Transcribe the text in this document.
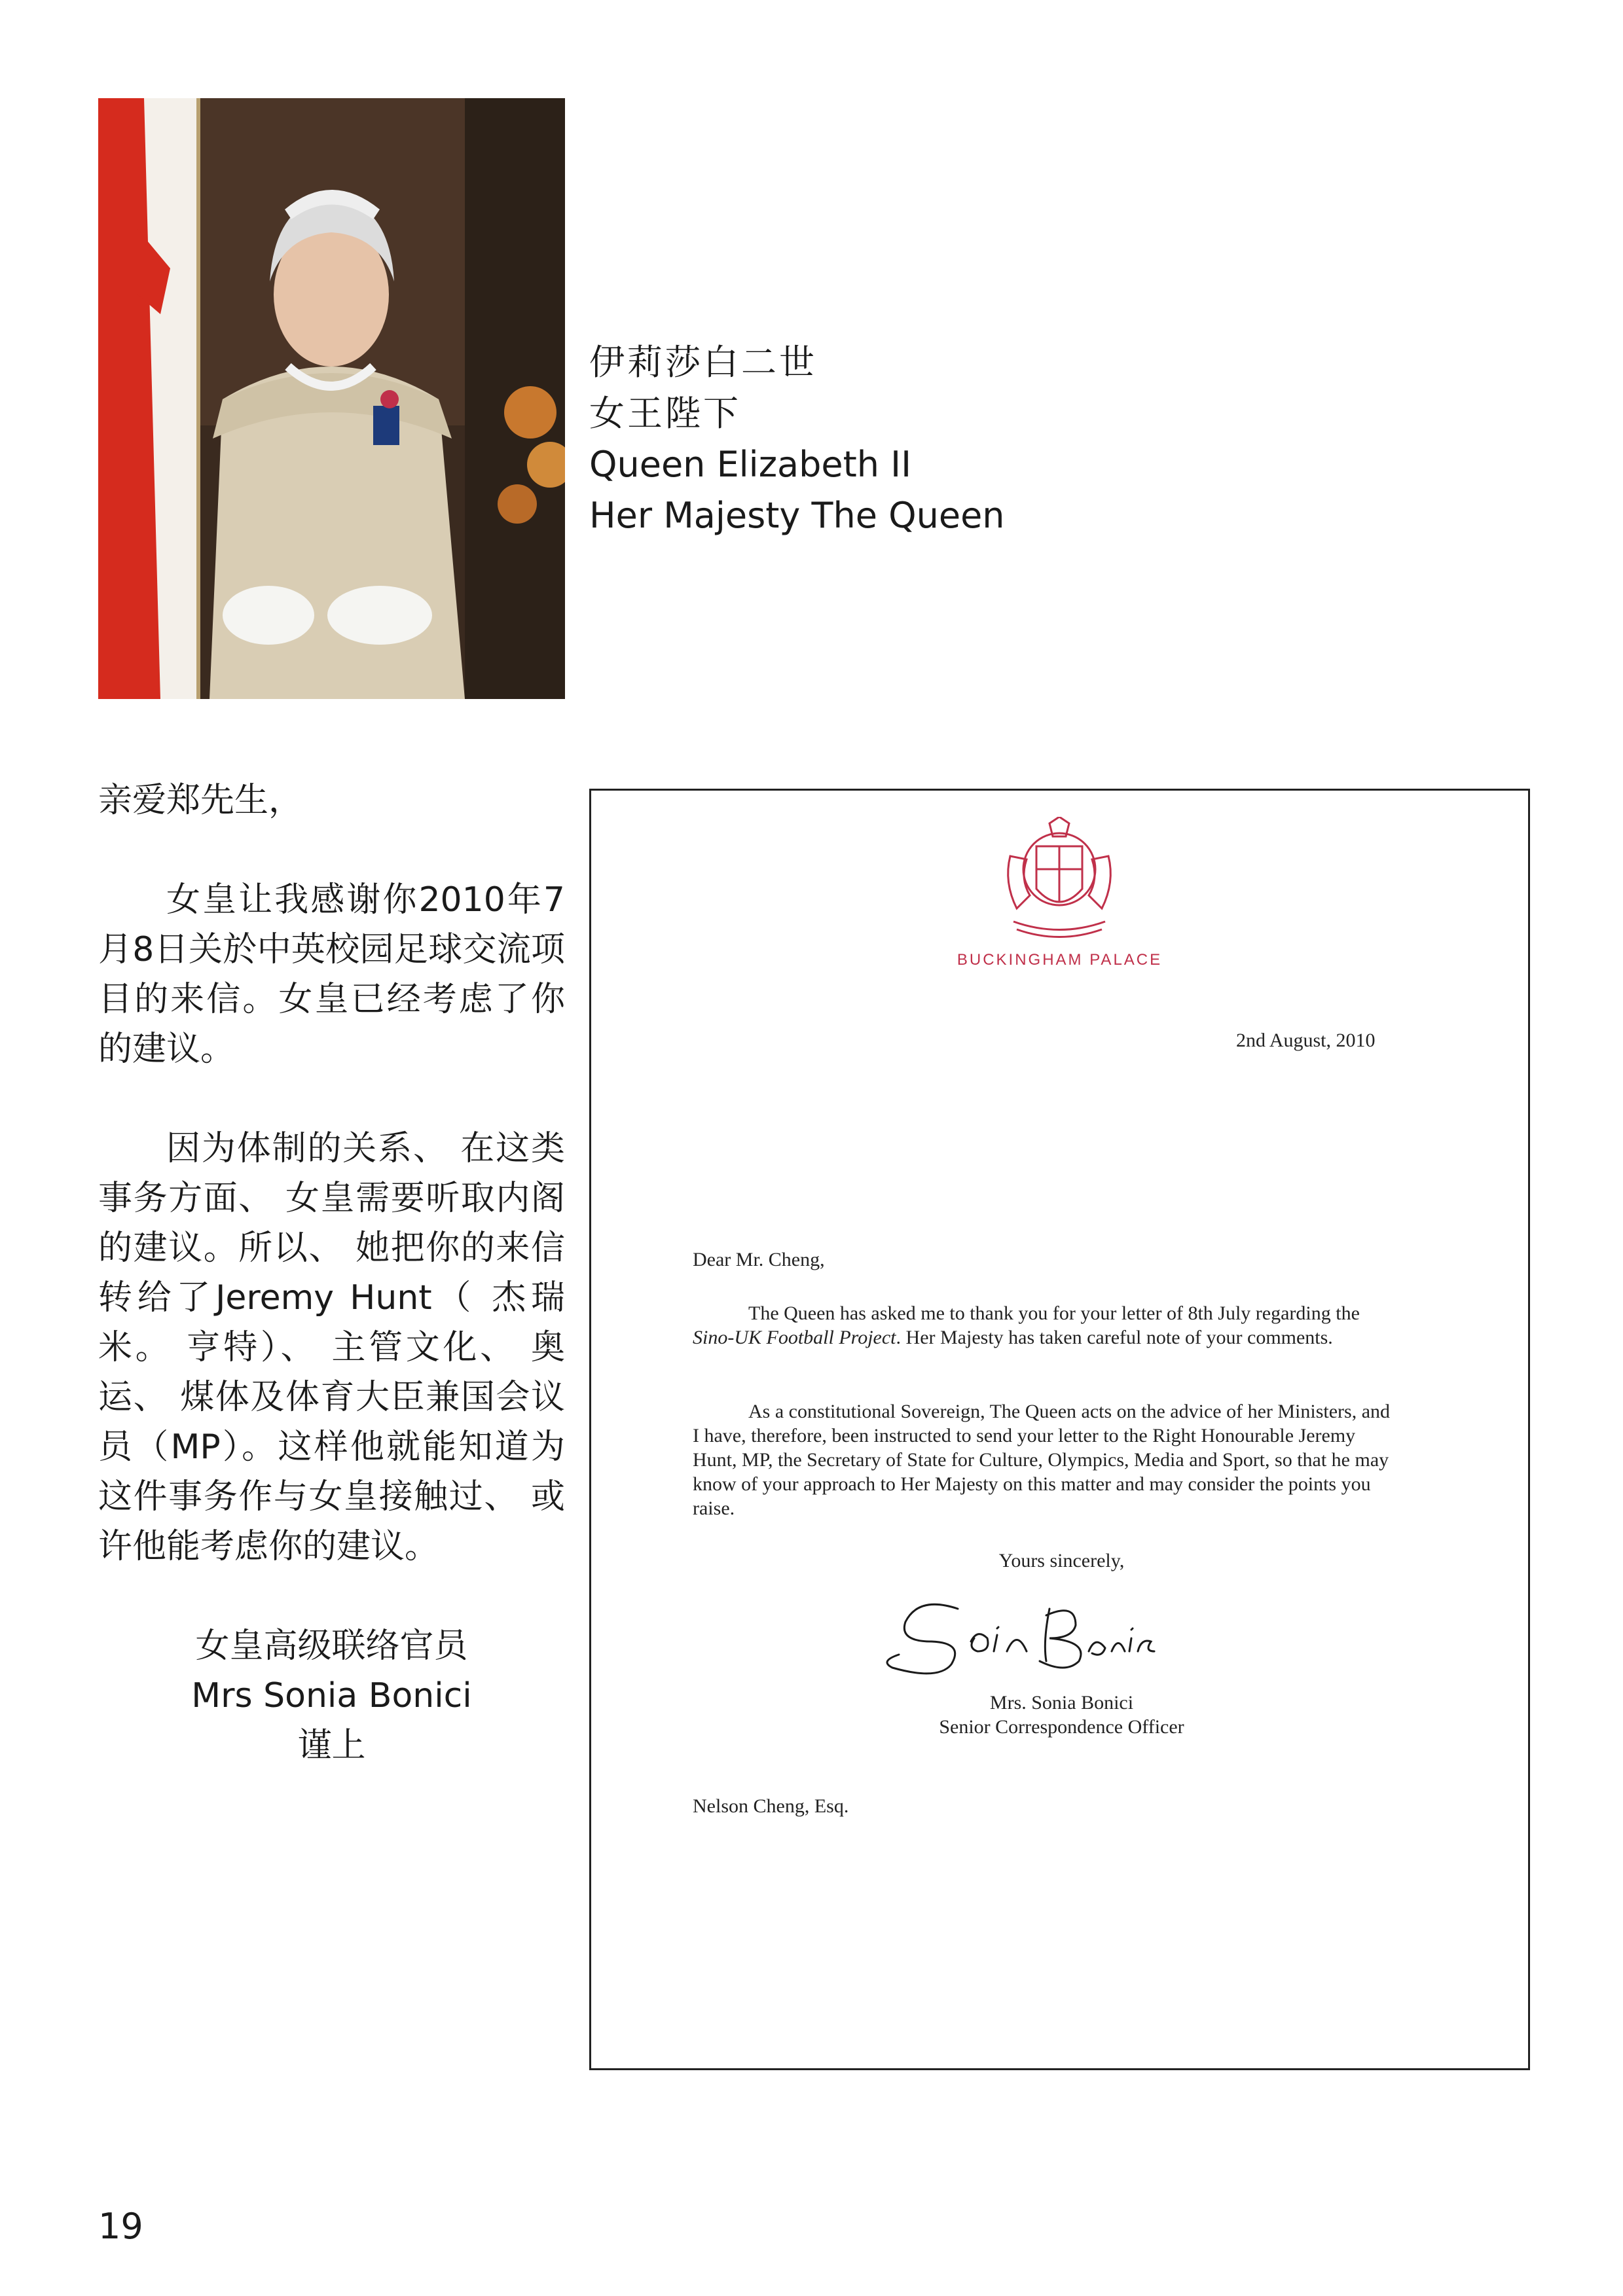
伊莉莎白二世
女王陛下
Queen Elizabeth II
Her Majesty The Queen

亲爱郑先生，

女皇让我感谢你2010年7月8日关於中英校园足球交流项目的来信。女皇已经考虑了你的建议。

因为体制的关系、 在这类事务方面、 女皇需要听取内阁的建议。所以、 她把你的来信转给了Jeremy Hunt（ 杰瑞米。 亨特）、 主管文化、 奥运、 煤体及体育大臣兼国会议员（MP）。这样他就能知道为这件事务作与女皇接触过、 或许他能考虑你的建议。

女皇高级联络官员

Mrs Sonia Bonici

谨上

BUCKINGHAM PALACE
2nd August, 2010
Dear Mr. Cheng,

The Queen has asked me to thank you for your letter of 8th July regarding the Sino-UK Football Project. Her Majesty has taken careful note of your comments.

As a constitutional Sovereign, The Queen acts on the advice of her Ministers, and I have, therefore, been instructed to send your letter to the Right Honourable Jeremy Hunt, MP, the Secretary of State for Culture, Olympics, Media and Sport, so that he may know of your approach to Her Majesty on this matter and may consider the points you raise.

Yours sincerely,
Mrs. Sonia Bonici
Senior Correspondence Officer
Nelson Cheng, Esq.
19
